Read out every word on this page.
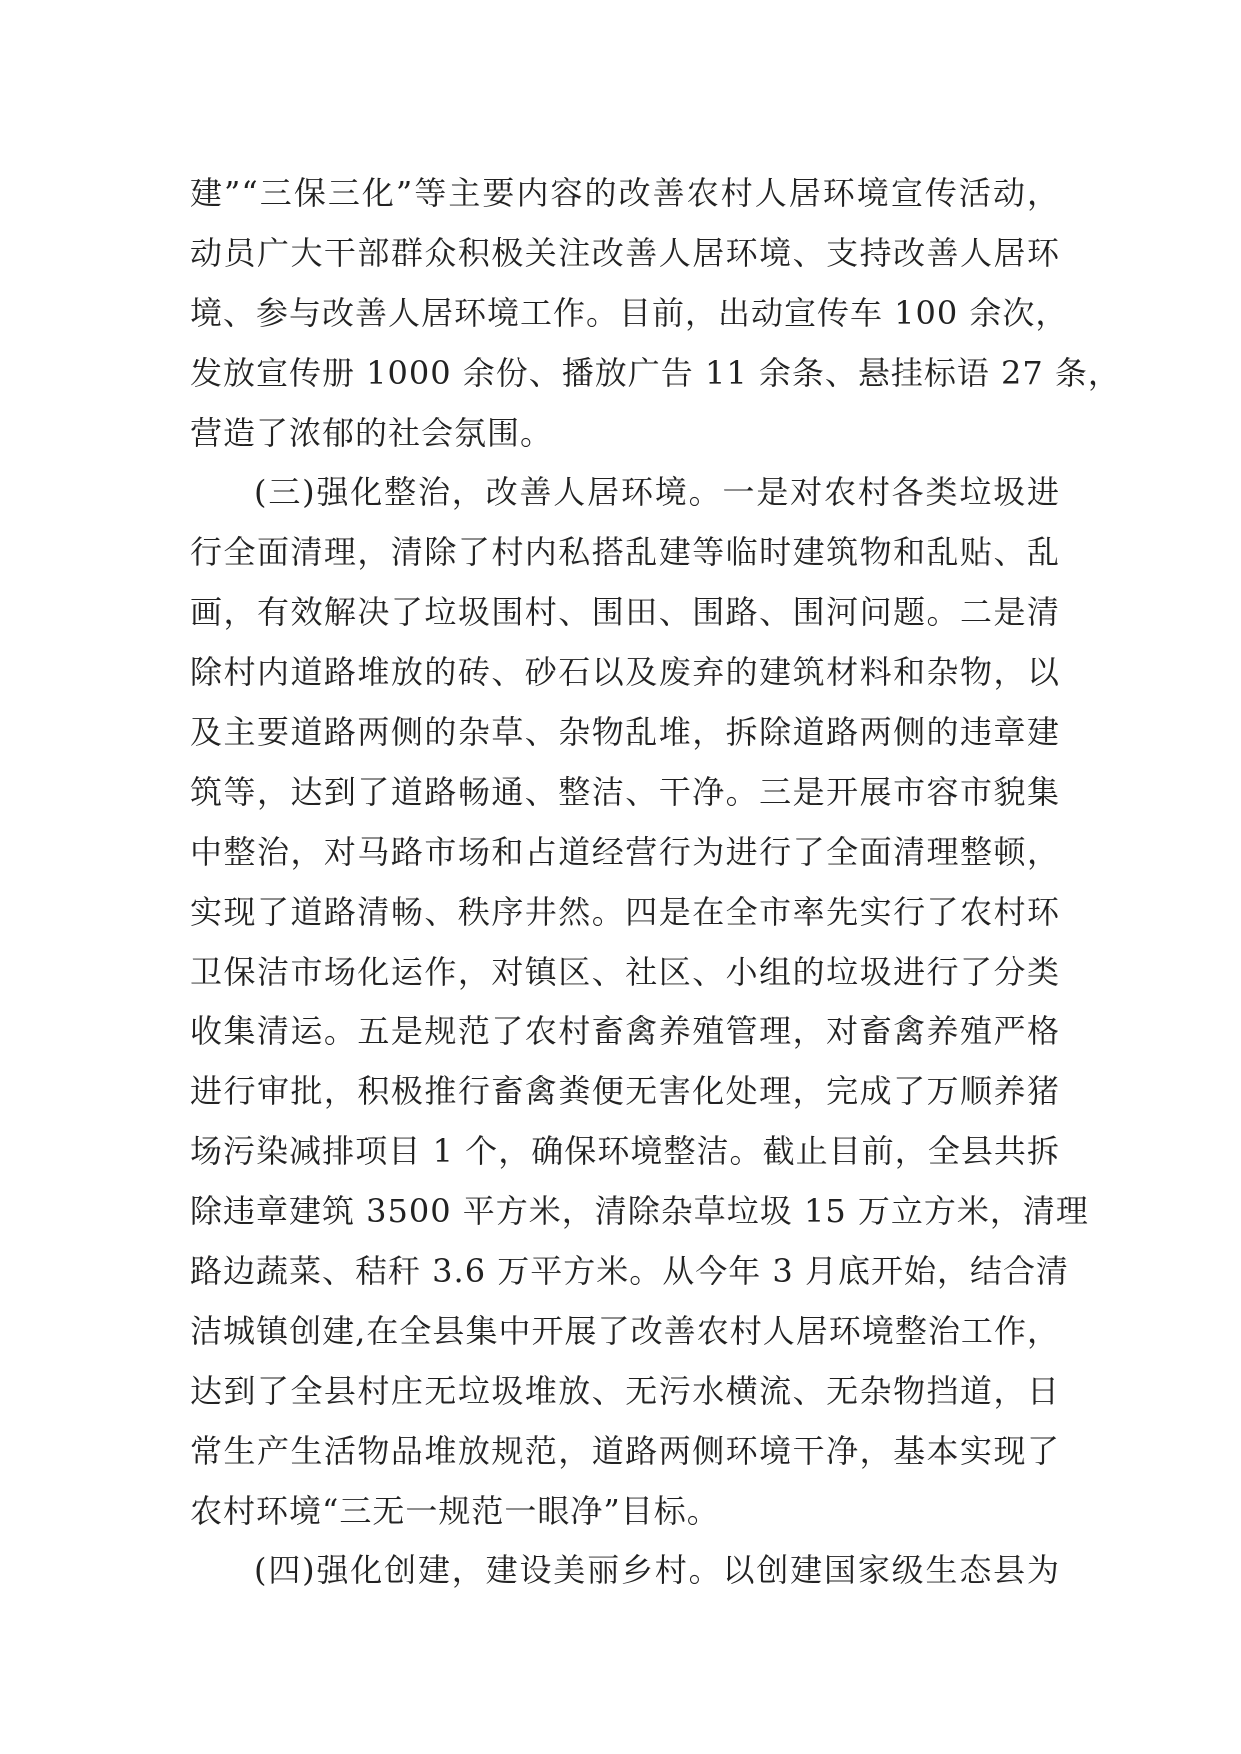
建”“三保三化”等主要内容的改善农村人居环境宣传活动，
动员广大干部群众积极关注改善人居环境、支持改善人居环
境、参与改善人居环境工作。目前，出动宣传车 100 余次，
发放宣传册 1000 余份、播放广告 11 余条、悬挂标语 27 条，
营造了浓郁的社会氛围。
(三)强化整治，改善人居环境。一是对农村各类垃圾进
行全面清理，清除了村内私搭乱建等临时建筑物和乱贴、乱
画，有效解决了垃圾围村、围田、围路、围河问题。二是清
除村内道路堆放的砖、砂石以及废弃的建筑材料和杂物，以
及主要道路两侧的杂草、杂物乱堆，拆除道路两侧的违章建
筑等，达到了道路畅通、整洁、干净。三是开展市容市貌集
中整治，对马路市场和占道经营行为进行了全面清理整顿，
实现了道路清畅、秩序井然。四是在全市率先实行了农村环
卫保洁市场化运作，对镇区、社区、小组的垃圾进行了分类
收集清运。五是规范了农村畜禽养殖管理，对畜禽养殖严格
进行审批，积极推行畜禽粪便无害化处理，完成了万顺养猪
场污染减排项目 1 个，确保环境整洁。截止目前，全县共拆
除违章建筑 3500 平方米，清除杂草垃圾 15 万立方米，清理
路边蔬菜、秸秆 3.6 万平方米。从今年 3 月底开始，结合清
洁城镇创建,在全县集中开展了改善农村人居环境整治工作，
达到了全县村庄无垃圾堆放、无污水横流、无杂物挡道，日
常生产生活物品堆放规范，道路两侧环境干净，基本实现了
农村环境“三无一规范一眼净”目标。
(四)强化创建，建设美丽乡村。以创建国家级生态县为
